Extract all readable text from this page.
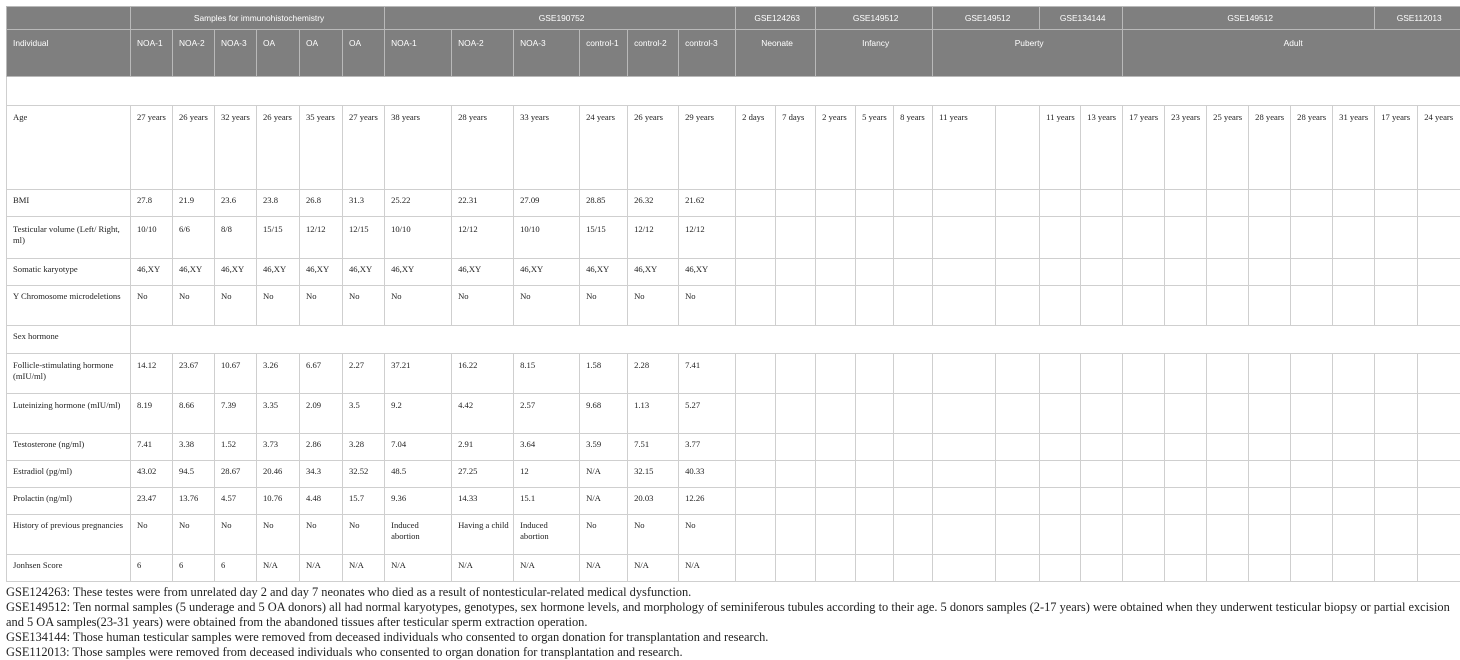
	Samples for immunohistochemistry						GSE190752						GSE124263		GSE149512			GSE149512		GSE134144		GSE149512						GSE112013		
Individual	NOA-1	NOA-2	NOA-3	OA	OA	OA	NOA-1	NOA-2	NOA-3	control-1	control-2	control-3	Neonate		Infancy			Puberty				Adult								

Age	27 years	26 years	32 years	26 years	35 years	27 years	38 years	28 years	33 years	24 years	26 years	29 years	2 days	7 days	2 years	5 years	8 years	11 years		11 years	13 years	17 years	23 years	25 years	28 years	28 years	31 years	17 years	24 years	
BMI	27.8	21.9	23.6	23.8	26.8	31.3	25.22	22.31	27.09	28.85	26.32	21.62																		
Testicular volume (Left/ Right, ml)	10/10	6/6	8/8	15/15	12/12	12/15	10/10	12/12	10/10	15/15	12/12	12/12																		
Somatic karyotype	46,XY	46,XY	46,XY	46,XY	46,XY	46,XY	46,XY	46,XY	46,XY	46,XY	46,XY	46,XY																		
Y Chromosome microdeletions	No	No	No	No	No	No	No	No	No	No	No	No																		
Sex hormone																														
Follicle-stimulating hormone (mIU/ml)	14.12	23.67	10.67	3.26	6.67	2.27	37.21	16.22	8.15	1.58	2.28	7.41																		
Luteinizing hormone (mIU/ml)	8.19	8.66	7.39	3.35	2.09	3.5	9.2	4.42	2.57	9.68	1.13	5.27																		
Testosterone (ng/ml)	7.41	3.38	1.52	3.73	2.86	3.28	7.04	2.91	3.64	3.59	7.51	3.77																		
Estradiol (pg/ml)	43.02	94.5	28.67	20.46	34.3	32.52	48.5	27.25	12	N/A	32.15	40.33																		
Prolactin (ng/ml)	23.47	13.76	4.57	10.76	4.48	15.7	9.36	14.33	15.1	N/A	20.03	12.26																		
History of previous pregnancies	No	No	No	No	No	No	Induced abortion	Having a child	Induced abortion	No	No	No																		
Jonhsen Score	6	6	6	N/A	N/A	N/A	N/A	N/A	N/A	N/A	N/A	N/A																		
GSE124263: These testes were from unrelated day 2 and day 7 neonates who died as a result of nontesticular-related medical dysfunction.
GSE149512: Ten normal samples (5 underage and 5 OA donors) all had normal karyotypes, genotypes, sex hormone levels, and morphology of seminiferous tubules according to their age. 5 donors samples (2-17 years) were obtained when they underwent testicular biopsy or partial excision and 5 OA samples(23-31 years) were obtained from the abandoned tissues after testicular sperm extraction operation.
GSE134144: Those human testicular samples were removed from deceased individuals who consented to organ donation for transplantation and research.
GSE112013: Those samples were removed from deceased individuals who consented to organ donation for transplantation and research.
